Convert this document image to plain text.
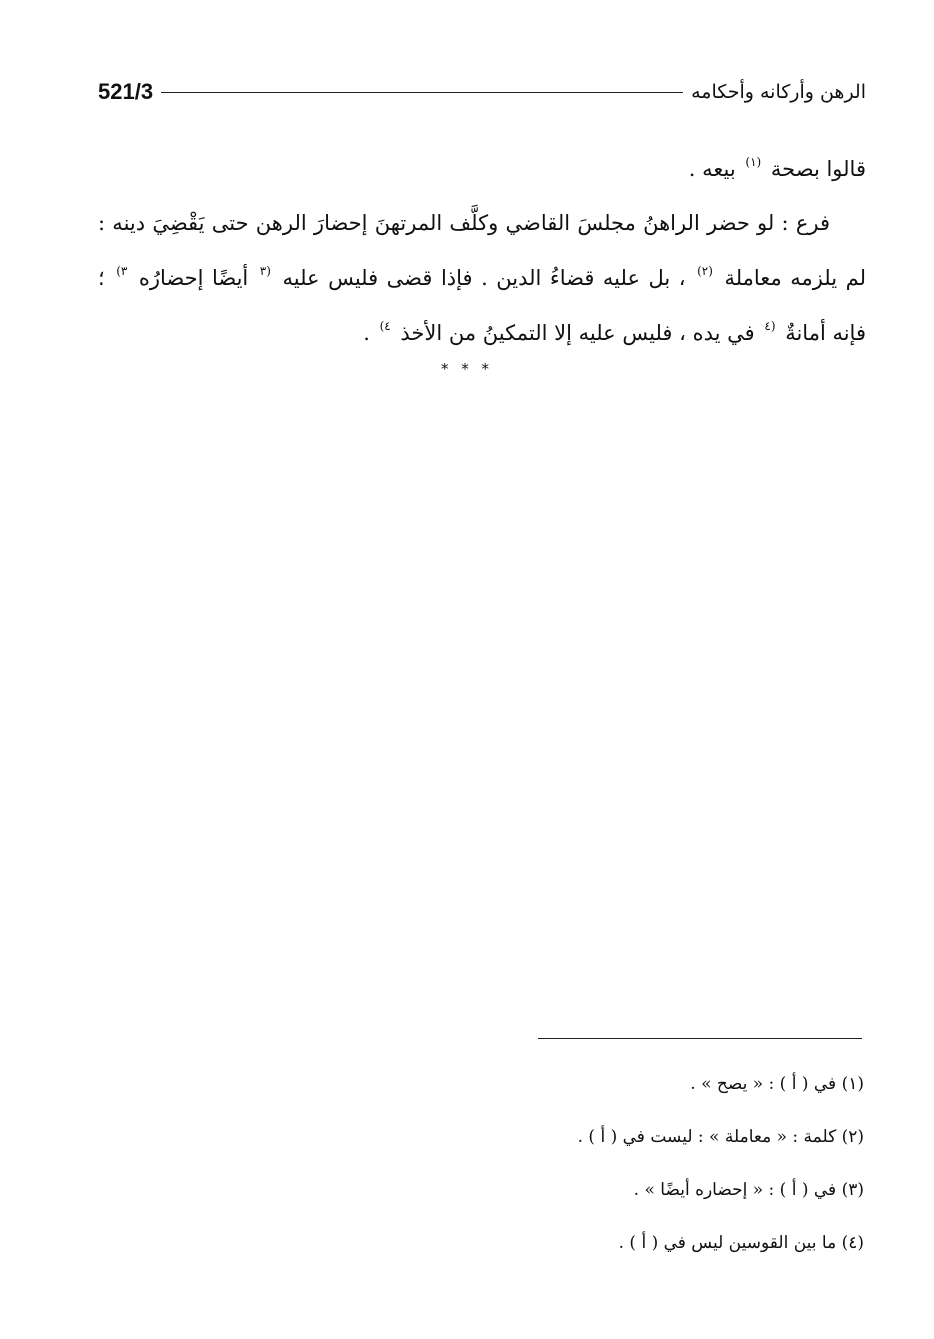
521/3	الرهن وأركانه وأحكامه

قالوا بصحة $^{(١)}$ بيعه .

فرع : لو حضر الراهنُ مجلسَ القاضي وكلَّف المرتهنَ إحضارَ الرهن حتى يَقْضِيَ دينه : لم يلزمه معاملة $^{(٢)}$ ، بل عليه قضاءُ الدين . فإذا قضى فليس عليه $^{(٣}$ أيضًا إحضارُه $^{٣)}$ ؛ فإنه أمانةٌ $^{(٤}$ في يده ، فليس عليه إلا التمكينُ من الأخذ $^{٤)}$ .

* * *
(١) في ( أ ) : « يصح » .
(٢) كلمة : « معاملة » : ليست في ( أ ) .
(٣) في ( أ ) : « إحضاره أيضًا » .
(٤) ما بين القوسين ليس في ( أ ) .
